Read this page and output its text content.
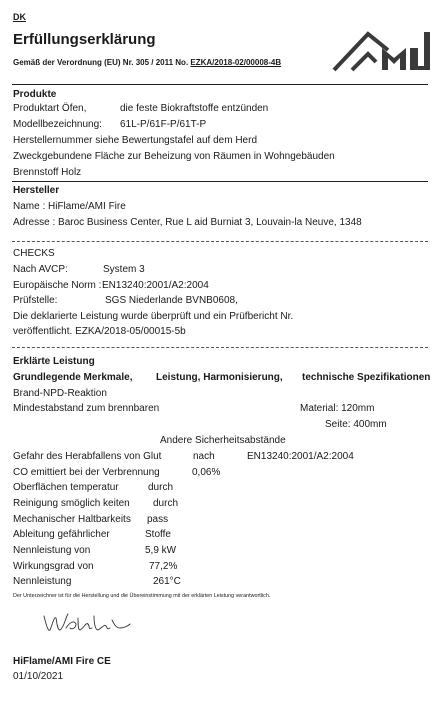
DK
Erfüllungserklärung
Gemäß der Verordnung (EU) Nr. 305 / 2011 No. EZKA/2018-02/00008-4B
Produkte
Produktart Öfen,	die feste Biokraftstoffe entzünden
Modellbezeichnung: 61L-P/61F-P/61T-P
Herstellernummer siehe Bewertungstafel auf dem Herd
Zweckgebundene Fläche zur Beheizung von Räumen in Wohngebäuden
Brennstoff Holz
Hersteller
Name : HiFlame/AMI Fire
Adresse : Baroc Business Center, Rue L aid Burniat 3, Louvain-la Neuve, 1348
CHECKS
Nach AVCP:	System 3
Europäische Norm : EN13240:2001/A2:2004
Prüfstelle:	SGS Niederlande BVNB0608,
Die deklarierte Leistung wurde überprüft und ein Prüfbericht Nr.
veröffentlicht. EZKA/2018-05/00015-5b
Erklärte Leistung
Grundlegende Merkmale, Leistung, Harmonisierung, technische Spezifikationen
Brand-NPD-Reaktion
Mindestabstand zum brennbaren	Material: 120mm
Seite: 400mm
Andere Sicherheitsabstände
Gefahr des Herabfallens von Glut	nach	EN13240:2001/A2:2004
CO emittiert bei der Verbrennung	0,06%
Oberflächen temperatur	durch
Reinigung smöglich keiten durch
Mechanischer Haltbarkeits pass
Ableitung gefährlicher	Stoffe
Nennleistung von	5,9 kW
Wirkungsgrad von	77,2%
Nennleistung	261°C
Der Unterzeichner ist für die Herstellung und die Übereinstimmung mit der erklärten Leistung verantwortlich.
HiFlame/AMI Fire CE
01/10/2021
